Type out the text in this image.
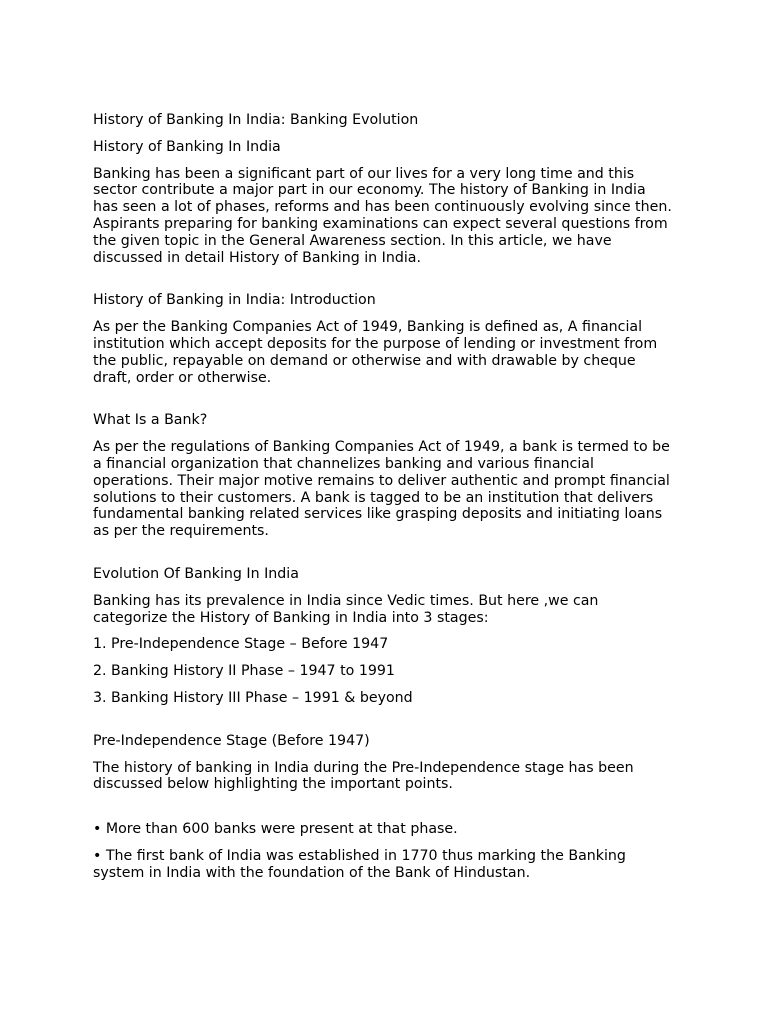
History of Banking In India: Banking Evolution

History of Banking In India

Banking has been a significant part of our lives for a very long time and this sector contribute a major part in our economy. The history of Banking in India has seen a lot of phases, reforms and has been continuously evolving since then. Aspirants preparing for banking examinations can expect several questions from the given topic in the General Awareness section. In this article, we have discussed in detail History of Banking in India.

History of Banking in India: Introduction

As per the Banking Companies Act of 1949, Banking is defined as, A financial institution which accept deposits for the purpose of lending or investment from the public, repayable on demand or otherwise and with drawable by cheque draft, order or otherwise.

What Is a Bank?

As per the regulations of Banking Companies Act of 1949, a bank is termed to be a financial organization that channelizes banking and various financial operations. Their major motive remains to deliver authentic and prompt financial solutions to their customers. A bank is tagged to be an institution that delivers fundamental banking related services like grasping deposits and initiating loans as per the requirements.

Evolution Of Banking In India

Banking has its prevalence in India since Vedic times. But here ,we can categorize the History of Banking in India into 3 stages:

1. Pre-Independence Stage – Before 1947

2. Banking History II Phase – 1947 to 1991

3. Banking History III Phase – 1991 & beyond

Pre-Independence Stage (Before 1947)

The history of banking in India during the Pre-Independence stage has been discussed below highlighting the important points.

• More than 600 banks were present at that phase.

• The first bank of India was established in 1770 thus marking the Banking system in India with the foundation of the Bank of Hindustan.
